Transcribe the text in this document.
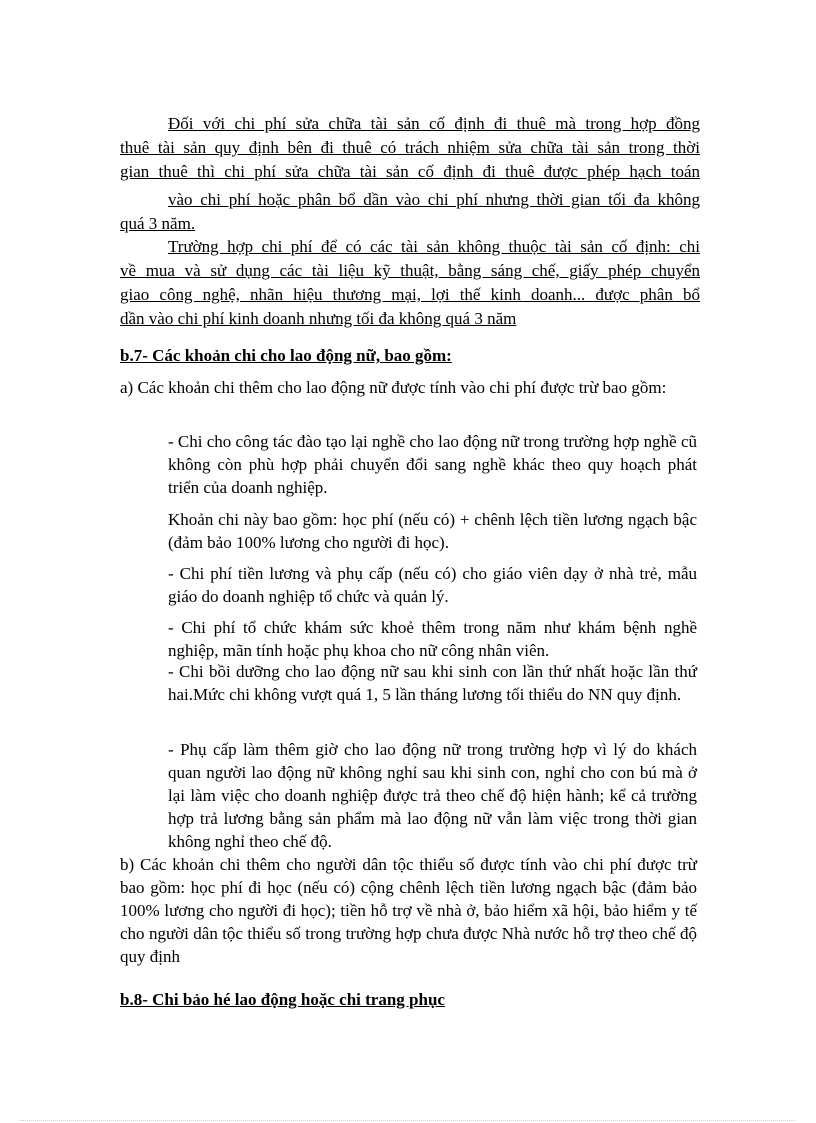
Đối với chi phí sửa chữa tài sản cố định đi thuê mà trong hợp đồng
thuê tài sản quy định bên đi thuê có trách nhiệm sửa chữa tài sản trong thời
gian thuê thì chi phí sửa chữa tài sản cố định đi thuê được phép hạch toán
vào chi phí hoặc phân bổ dần vào chi phí nhưng thời gian tối đa không
quá 3 năm.
Trường hợp chi phí để có các tài sản không thuộc tài sản cố định: chi
về mua và sử dụng các tài liệu kỹ thuật, bằng sáng chế, giấy phép chuyển
giao công nghệ, nhãn hiệu thương mại, lợi thế kinh doanh... được phân bổ
dần vào chi phí kinh doanh nhưng tối đa không quá 3 năm
b.7- Các khoản chi cho lao động nữ, bao gồm:
a) Các khoản chi thêm cho lao động nữ được tính vào chi phí được trừ bao gồm:
- Chi cho công tác đào tạo lại nghề cho lao động nữ trong trường hợp nghề cũ không còn phù hợp phải chuyển đổi sang nghề khác theo quy hoạch phát triển của doanh nghiệp.
Khoản chi này bao gồm: học phí (nếu có) + chênh lệch tiền lương ngạch bậc (đảm bảo 100% lương cho người đi học).
- Chi phí tiền lương và phụ cấp (nếu có) cho giáo viên dạy ở nhà trẻ, mẫu giáo do doanh nghiệp tổ chức và quản lý.
- Chi phí tổ chức khám sức khoẻ thêm trong năm như khám bệnh nghề nghiệp, mãn tính hoặc phụ khoa cho nữ công nhân viên.
- Chi bồi dưỡng cho lao động nữ sau khi sinh con lần thứ nhất hoặc lần thứ hai.Mức chi không vượt quá 1, 5 lần tháng lương tối thiểu do NN quy định.
- Phụ cấp làm thêm giờ cho lao động nữ trong trường hợp vì lý do khách quan người lao động nữ không nghỉ sau khi sinh con, nghỉ cho con bú mà ở lại làm việc cho doanh nghiệp được trả theo chế độ hiện hành; kể cả trường hợp trả lương bằng sản phẩm mà lao động nữ vẫn làm việc trong thời gian không nghỉ theo chế độ.
b) Các khoản chi thêm cho người dân tộc thiểu số được tính vào chi phí được trừ bao gồm: học phí đi học (nếu có) cộng chênh lệch tiền lương ngạch bậc (đảm bảo 100% lương cho người đi học); tiền hỗ trợ về nhà ở, bảo hiểm xã hội, bảo hiểm y tế cho người dân tộc thiểu số trong trường hợp chưa được Nhà nước hỗ trợ theo chế độ quy định
b.8- Chi bảo hé lao động hoặc chi trang phục
